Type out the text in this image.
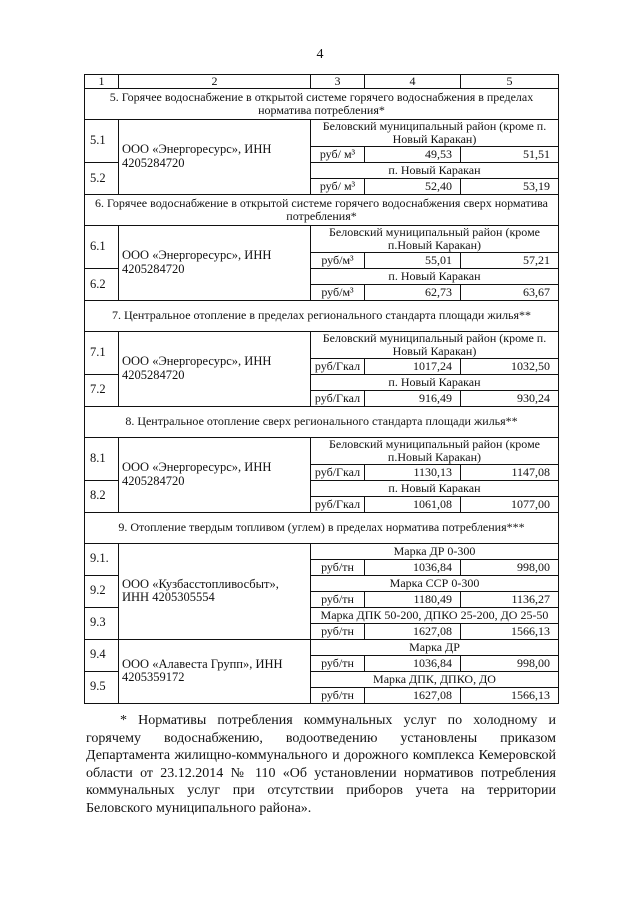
4
1	2	3	4	5
5. Горячее водоснабжение в открытой системе горячего водоснабжения в пределах норматива потребления*				
5.1	ООО «Энергоресурс», ИНН 4205284720	Беловский муниципальный район (кроме п. Новый Каракан)		
		руб/ м³	49,53	51,51
5.2		п. Новый Каракан		
		руб/ м³	52,40	53,19
6. Горячее водоснабжение в открытой системе горячего водоснабжения сверх норматива потребления*				
6.1	ООО «Энергоресурс», ИНН 4205284720	Беловский муниципальный район (кроме п.Новый Каракан)		
		руб/м³	55,01	57,21
6.2		п. Новый Каракан		
		руб/м³	62,73	63,67
7. Центральное отопление в пределах регионального стандарта площади жилья**				
7.1	ООО «Энергоресурс», ИНН 4205284720	Беловский муниципальный район (кроме п. Новый Каракан)		
		руб/Гкал	1017,24	1032,50
7.2		п. Новый Каракан		
		руб/Гкал	916,49	930,24
8. Центральное отопление сверх регионального стандарта площади жилья**				
8.1	ООО «Энергоресурс», ИНН 4205284720	Беловский муниципальный район (кроме п.Новый Каракан)		
		руб/Гкал	1130,13	1147,08
8.2		п. Новый Каракан		
		руб/Гкал	1061,08	1077,00
9. Отопление твердым топливом (углем) в пределах норматива потребления***				
9.1.	ООО «Кузбасстопливосбыт», ИНН 4205305554	Марка ДР 0-300		
		руб/тн	1036,84	998,00
9.2		Марка ССР 0-300		
		руб/тн	1180,49	1136,27
9.3		Марка ДПК 50-200, ДПКО 25-200, ДО 25-50		
		руб/тн	1627,08	1566,13
9.4	ООО «Алавеста Групп», ИНН 4205359172	Марка ДР		
		руб/тн	1036,84	998,00
9.5		Марка ДПК, ДПКО, ДО		
		руб/тн	1627,08	1566,13
* Нормативы потребления коммунальных услуг по холодному и горячему водоснабжению, водоотведению установлены приказом Департамента жилищно-коммунального и дорожного комплекса Кемеровской области от 23.12.2014 № 110 «Об установлении нормативов потребления коммунальных услуг при отсутствии приборов учета на территории Беловского муниципального района».
